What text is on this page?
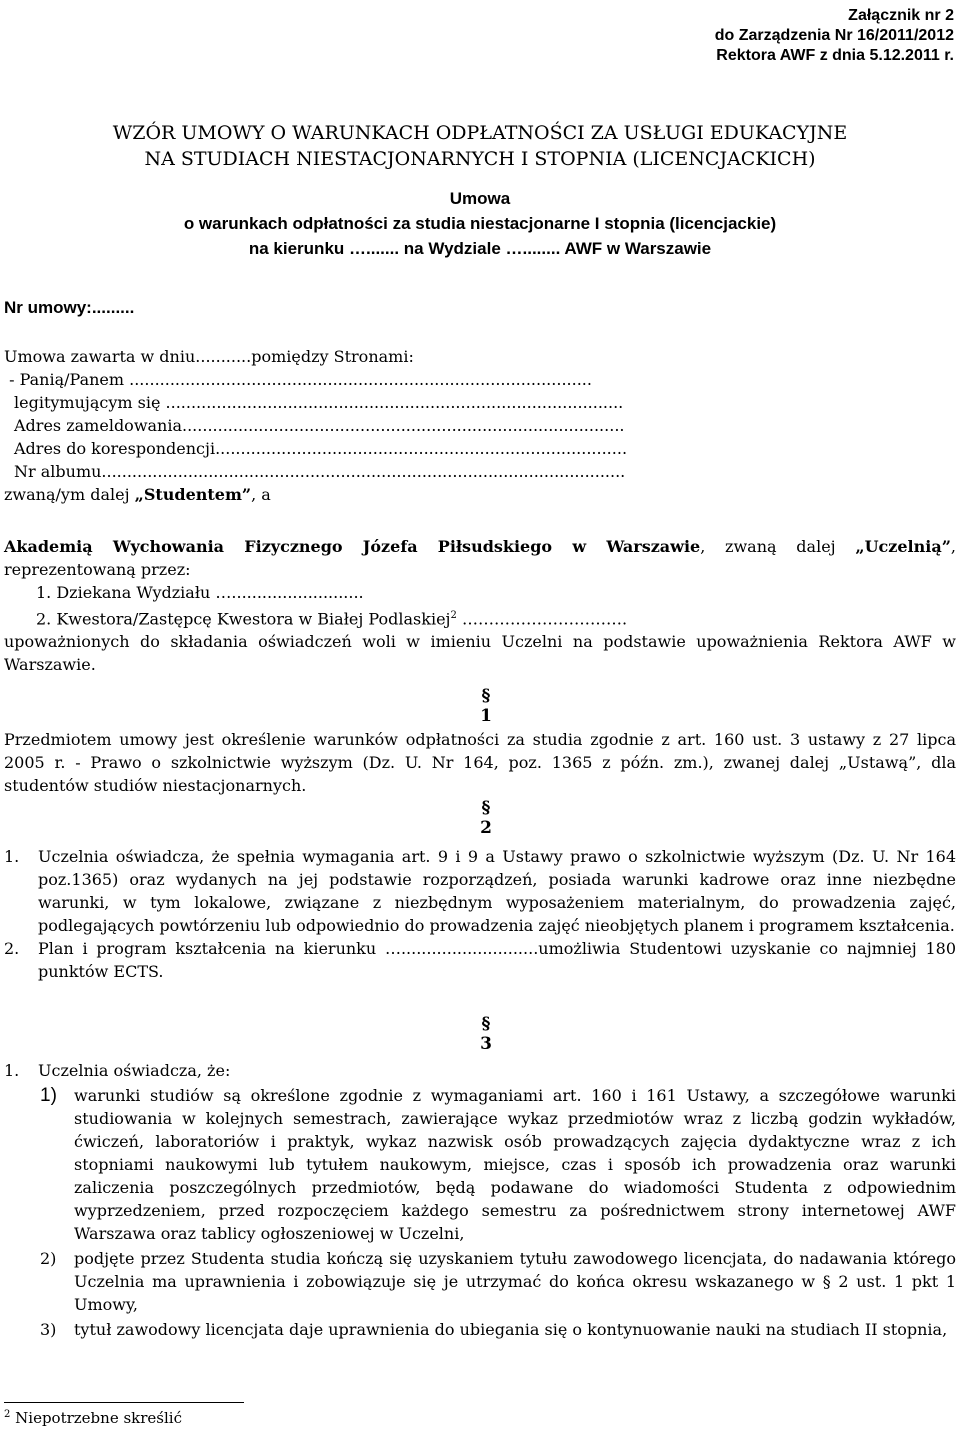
Załącznik nr 2
do Zarządzenia Nr 16/2011/2012
Rektora AWF z dnia 5.12.2011 r.
WZÓR UMOWY O WARUNKACH ODPŁATNOŚCI ZA USŁUGI EDUKACYJNE
NA STUDIACH NIESTACJONARNYCH I STOPNIA (LICENCJACKICH)
Umowa
o warunkach odpłatności za studia niestacjonarne I stopnia (licencjackie)
na kierunku …....... na Wydziale …........ AWF w Warszawie
Nr umowy:.........
Umowa zawarta w dniu...........pomiędzy Stronami:
- Panią/Panem ...........................................................................................
legitymującym się ..........................................................................................
Adres zameldowania.......................................................................................
Adres do korespondencji.................................................................................
Nr albumu.......................................................................................................
zwaną/ym dalej „Studentem”, a
Akademią Wychowania Fizycznego Józefa Piłsudskiego w Warszawie, zwaną dalej „Uczelnią”,
reprezentowaną przez:
1. Dziekana Wydziału …..........................
2. Kwestora/Zastępcę Kwestora w Białej Podlaskiej$^2$ ………………………….
upoważnionych do składania oświadczeń woli w imieniu Uczelni na podstawie upoważnienia Rektora AWF w Warszawie.
§
1
Przedmiotem umowy jest określenie warunków odpłatności za studia zgodnie z art. 160 ust. 3 ustawy z 27 lipca 2005 r. - Prawo o szkolnictwie wyższym (Dz. U. Nr 164, poz. 1365 z późn. zm.), zwanej dalej „Ustawą”, dla studentów studiów niestacjonarnych.
§
2
1.	Uczelnia oświadcza, że spełnia wymagania art. 9 i 9 a Ustawy prawo o szkolnictwie wyższym (Dz. U. Nr 164 poz.1365) oraz wydanych na jej podstawie rozporządzeń, posiada warunki kadrowe oraz inne niezbędne warunki, w tym lokalowe, związane z niezbędnym wyposażeniem materialnym, do prowadzenia zajęć, podlegających powtórzeniu lub odpowiednio do prowadzenia zajęć nieobjętych planem i programem kształcenia.
2.	Plan i program kształcenia na kierunku …...........................umożliwia Studentowi uzyskanie co najmniej 180 punktów ECTS.
§
3
1.	Uczelnia oświadcza, że:
1)	warunki studiów są określone zgodnie z wymaganiami art. 160 i 161 Ustawy, a szczegółowe warunki studiowania w kolejnych semestrach, zawierające wykaz przedmiotów wraz z liczbą godzin wykładów, ćwiczeń, laboratoriów i praktyk, wykaz nazwisk osób prowadzących zajęcia dydaktyczne wraz z ich stopniami naukowymi lub tytułem naukowym, miejsce, czas i sposób ich prowadzenia oraz warunki zaliczenia poszczególnych przedmiotów, będą podawane do wiadomości Studenta z odpowiednim wyprzedzeniem, przed rozpoczęciem każdego semestru za pośrednictwem strony internetowej AWF Warszawa oraz tablicy ogłoszeniowej w Uczelni,
2)	podjęte przez Studenta studia kończą się uzyskaniem tytułu zawodowego licencjata, do nadawania którego Uczelnia ma uprawnienia i zobowiązuje się je utrzymać do końca okresu wskazanego w § 2 ust. 1 pkt 1 Umowy,
3)	tytuł zawodowy licencjata daje uprawnienia do ubiegania się o kontynuowanie nauki na studiach II stopnia,
$^2$ Niepotrzebne skreślić
